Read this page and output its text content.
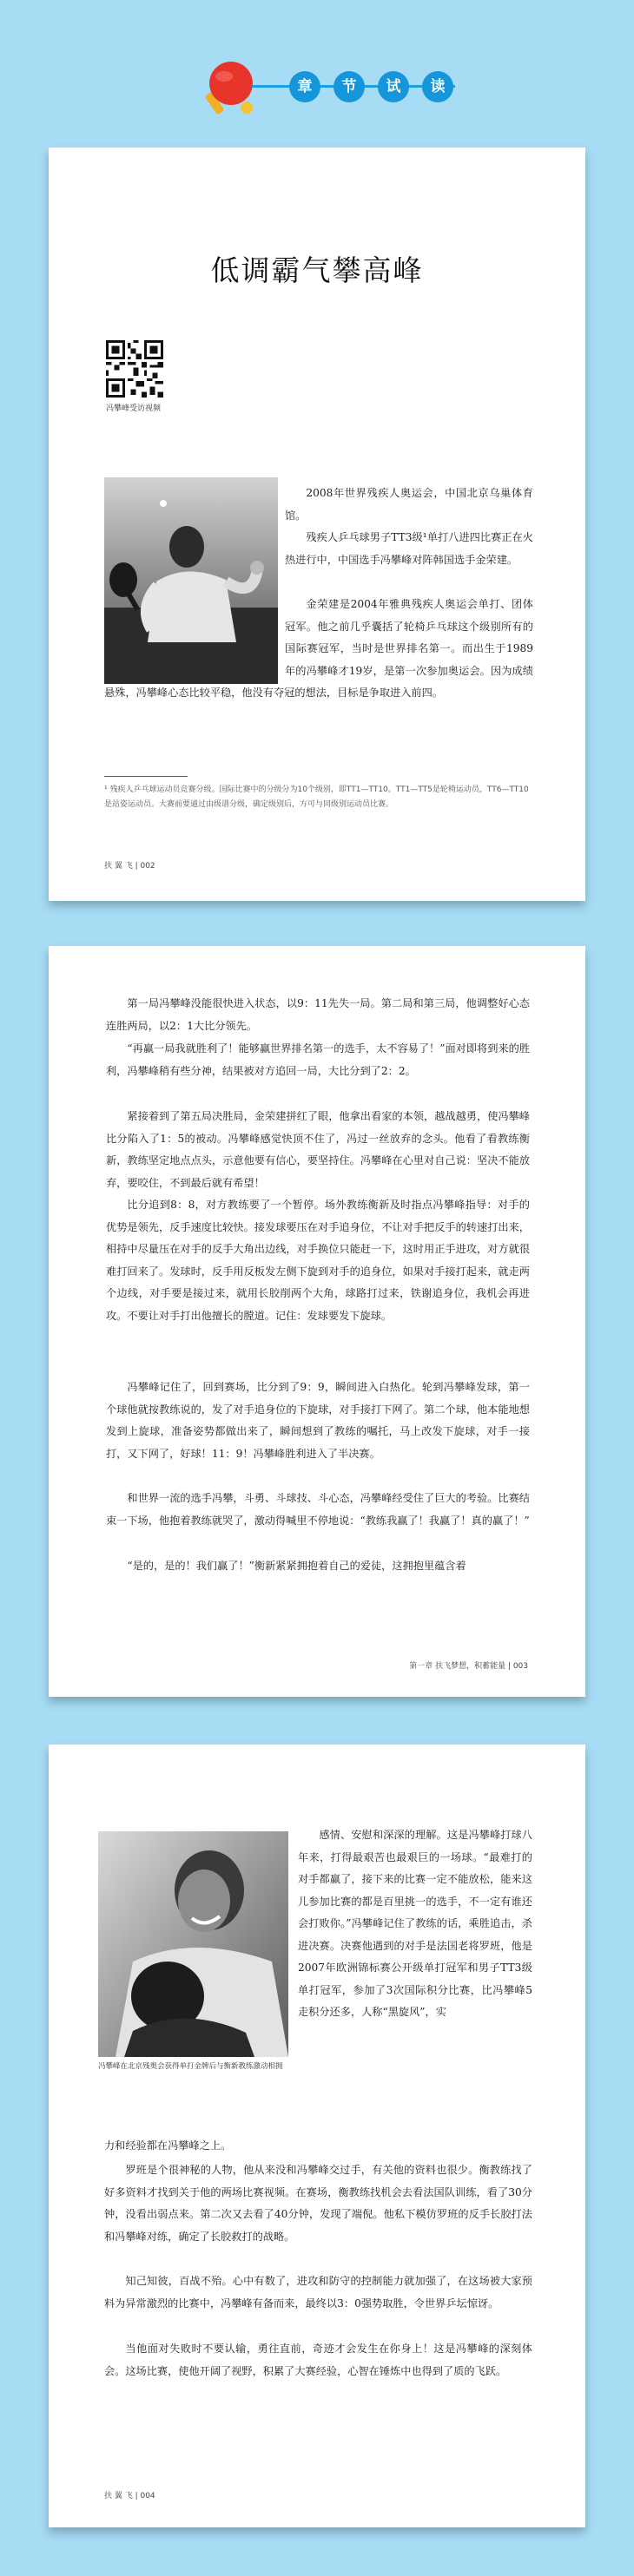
章	节	试	读
低调霸气攀高峰
冯攀峰受访视频

2008年世界残疾人奥运会，中国北京乌巢体育馆。

残疾人乒乓球男子TT3级¹单打八进四比赛正在火热进行中，中国选手冯攀峰对阵韩国选手金荣建。

金荣建是2004年雅典残疾人奥运会单打、团体冠军。他之前几乎囊括了轮椅乒乓球这个级别所有的国际赛冠军，当时是世界排名第一。而出生于1989年的冯攀峰才19岁，是第一次参加奥运会。因为成绩悬殊，冯攀峰心态比较平稳，他没有夺冠的想法，目标是争取进入前四。

¹ 残疾人乒乓球运动员竞赛分级。国际比赛中的分级分为10个级别，即TT1—TT10。TT1—TT5是轮椅运动员，TT6—TT10是站姿运动员。大赛前要通过由级谱分级，确定级别后，方可与同级别运动员比赛。

扶 翼 飞 | 002

第一局冯攀峰没能很快进入状态，以9：11先失一局。第二局和第三局，他调整好心态连胜两局，以2：1大比分领先。

“再赢一局我就胜利了！能够赢世界排名第一的选手，太不容易了！”面对即将到来的胜利，冯攀峰稍有些分神，结果被对方追回一局，大比分到了2：2。

紧接着到了第五局决胜局，金荣建拼红了眼，他拿出看家的本领，越战越勇，使冯攀峰比分陷入了1：5的被动。冯攀峰感觉快顶不住了，冯过一丝放弃的念头。他看了看教练衡新，教练坚定地点点头，示意他要有信心，要坚持住。冯攀峰在心里对自己说：坚决不能放弃，要咬住，不到最后就有希望！

比分追到8：8，对方教练要了一个暂停。场外教练衡新及时指点冯攀峰指导：对手的优势是领先，反手速度比较快。接发球要压在对手追身位，不让对手把反手的转速打出来，相持中尽量压在对手的反手大角出边线，对手换位只能赶一下，这时用正手进攻，对方就很难打回来了。发球时，反手用反板发左侧下旋到对手的追身位，如果对手接打起来，就走两个边线，对手要是接过来，就用长胶削两个大角，球路打过来，铁谢追身位，我机会再进攻。不要让对手打出他擅长的膛道。记住：发球要发下旋球。

冯攀峰记住了，回到赛场，比分到了9：9，瞬间进入白热化。轮到冯攀峰发球，第一个球他就按教练说的，发了对手追身位的下旋球，对手接打下网了。第二个球，他本能地想发到上旋球，准备姿势都做出来了，瞬间想到了教练的嘱托，马上改发下旋球，对手一接打，又下网了，好球！11：9！冯攀峰胜利进入了半决赛。

和世界一流的选手冯攀，斗勇、斗球技、斗心态，冯攀峰经受住了巨大的考验。比赛结束一下场，他抱着教练就哭了，激动得喊里不停地说：“教练我赢了！我赢了！真的赢了！”

“是的，是的！我们赢了！”衡新紧紧拥抱着自己的爱徒，这拥抱里蕴含着

第一章 扶飞梦想，积蓄能量 | 003
冯攀峰在北京残奥会获得单打金牌后与衡新教练激动相拥

感情、安慰和深深的理解。这是冯攀峰打球八年来，打得最艰苦也最艰巨的一场球。“最难打的对手都赢了，接下来的比赛一定不能放松，能来这儿参加比赛的都是百里挑一的选手，不一定有谁还会打败你。”冯攀峰记住了教练的话，乘胜追击，杀进决赛。决赛他遇到的对手是法国老将罗班，他是2007年欧洲锦标赛公开级单打冠军和男子TT3级单打冠军，参加了3次国际积分比赛，比冯攀峰5走积分还多，人称“黑旋风”，实

力和经验都在冯攀峰之上。

罗班是个很神秘的人物，他从来没和冯攀峰交过手，有关他的资料也很少。衡教练找了好多资料才找到关于他的两场比赛视频。在赛场，衡教练找机会去看法国队训练，看了30分钟，没看出弱点来。第二次又去看了40分钟，发现了端倪。他私下模仿罗班的反手长胶打法和冯攀峰对练，确定了长胶救打的战略。

知己知彼，百战不殆。心中有数了，进攻和防守的控制能力就加强了，在这场被大家预料为异常激烈的比赛中，冯攀峰有备而来，最终以3：0强势取胜，令世界乒坛惊讶。

当他面对失败时不要认输，勇往直前，奇迹才会发生在你身上！这是冯攀峰的深刻体会。这场比赛，使他开阔了视野，积累了大赛经验，心智在锤炼中也得到了质的飞跃。

扶 翼 飞 | 004
